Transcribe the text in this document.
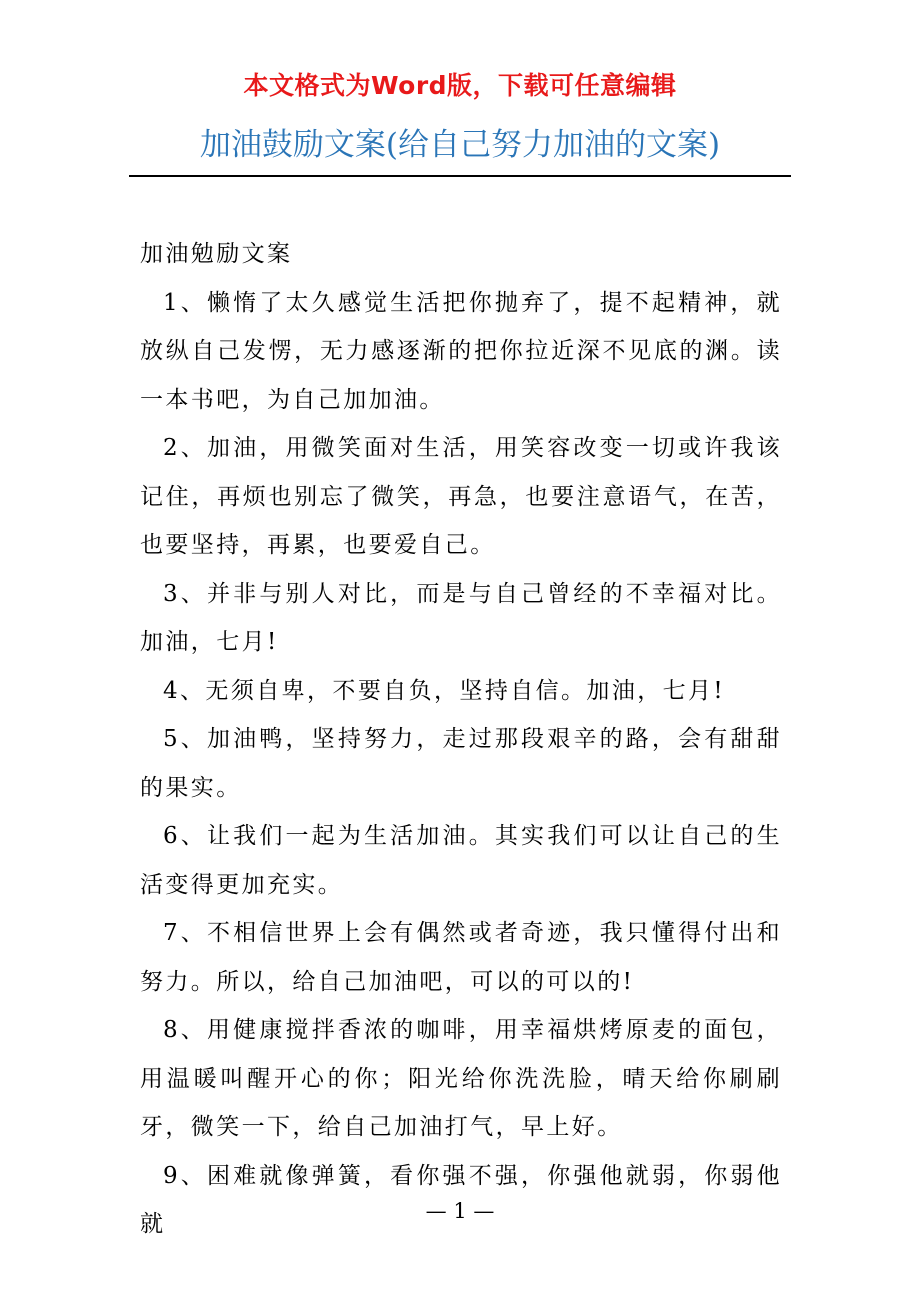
本文格式为Word版，下载可任意编辑
加油鼓励文案(给自己努力加油的文案)

加油勉励文案

1、懒惰了太久感觉生活把你抛弃了，提不起精神，就放纵自己发愣，无力感逐渐的把你拉近深不见底的渊。读一本书吧，为自己加加油。

2、加油，用微笑面对生活，用笑容改变一切或许我该记住，再烦也别忘了微笑，再急，也要注意语气，在苦，也要坚持，再累，也要爱自己。

3、并非与别人对比，而是与自己曾经的不幸福对比。加油，七月!

4、无须自卑，不要自负，坚持自信。加油，七月!

5、加油鸭，坚持努力，走过那段艰辛的路，会有甜甜的果实。

6、让我们一起为生活加油。其实我们可以让自己的生活变得更加充实。

7、不相信世界上会有偶然或者奇迹，我只懂得付出和努力。所以，给自己加油吧，可以的可以的!

8、用健康搅拌香浓的咖啡，用幸福烘烤原麦的面包，用温暖叫醒开心的你；阳光给你洗洗脸，晴天给你刷刷牙，微笑一下，给自己加油打气，早上好。

9、困难就像弹簧，看你强不强，你强他就弱，你弱他就	— 1 —
